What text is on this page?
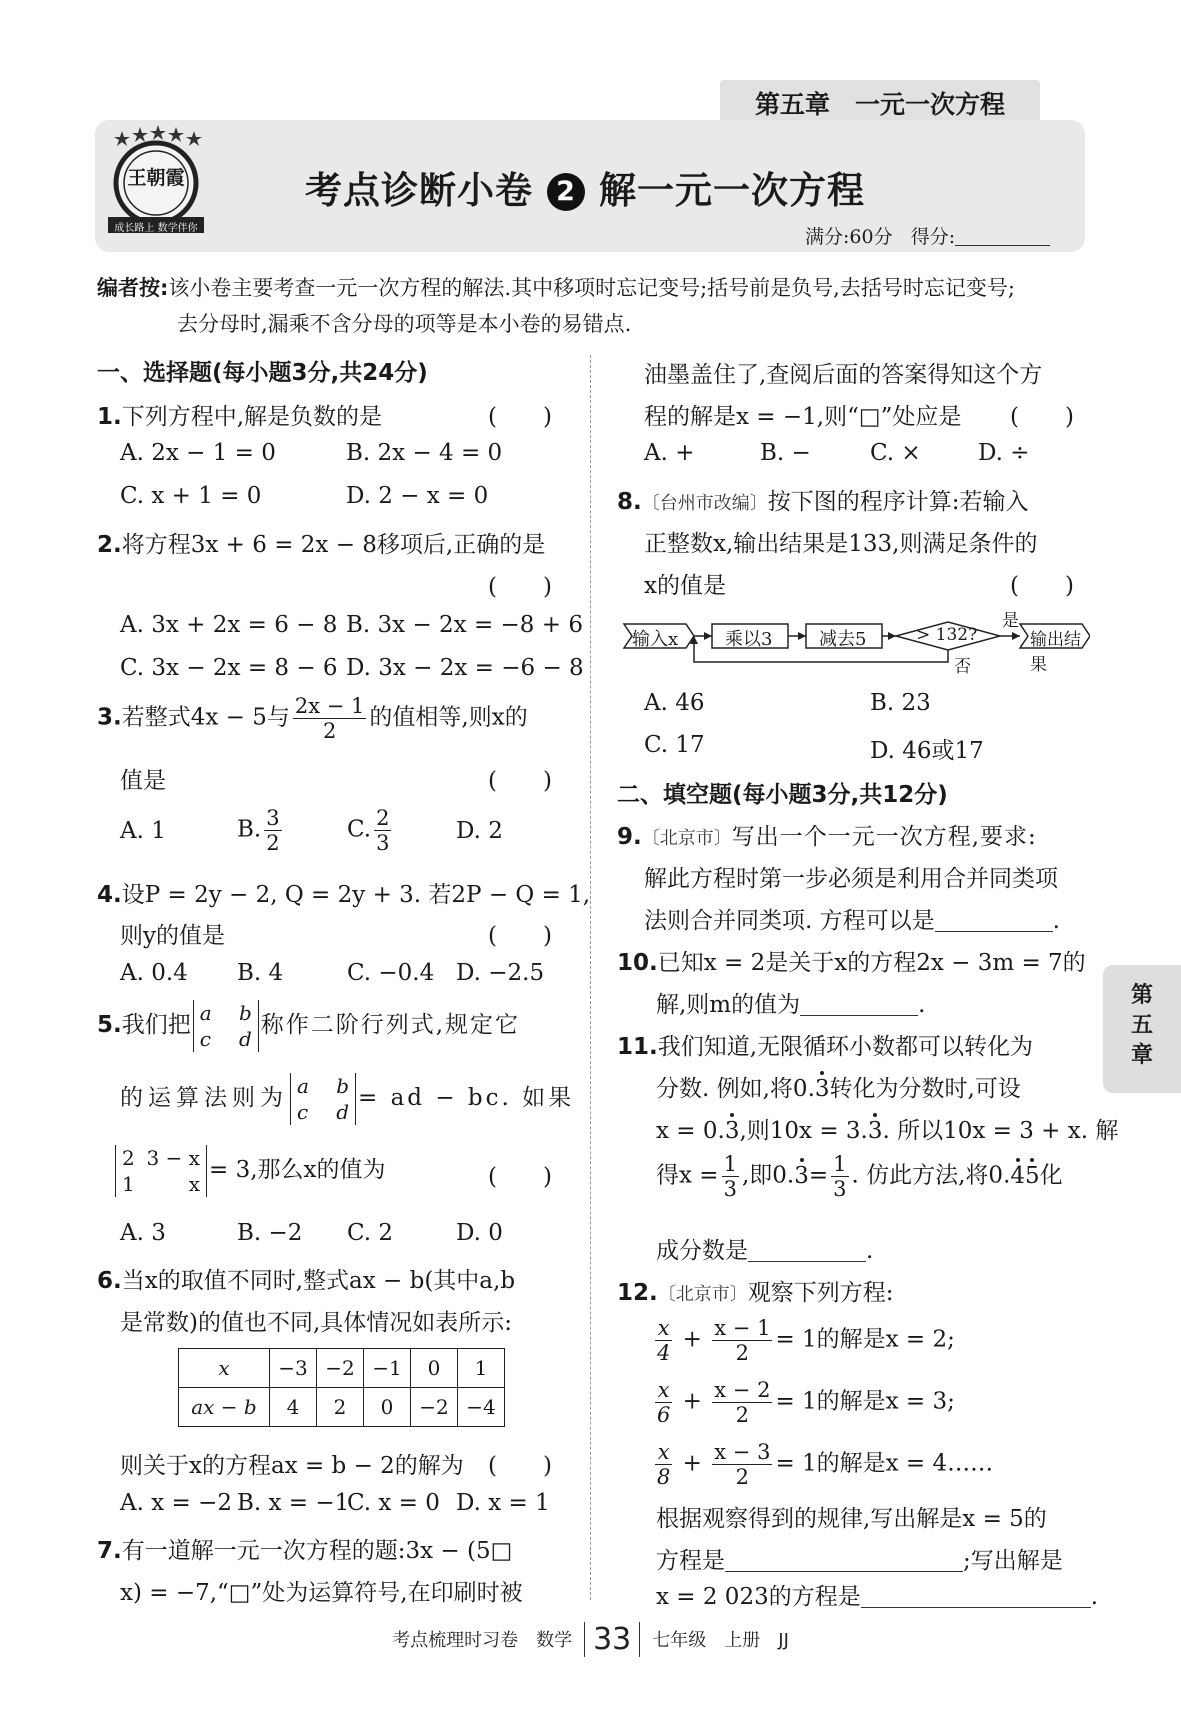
第五章　一元一次方程
王朝霞
成长路上 数学伴你
考点诊断小卷 2 解一元一次方程
满分:60分 得分:
编者按:该小卷主要考查一元一次方程的解法.其中移项时忘记变号;括号前是负号,去括号时忘记变号;
去分母时,漏乘不含分母的项等是本小卷的易错点.
一、选择题(每小题3分,共24分)
1.下列方程中,解是负数的是	(　　)
A. 2x − 1 = 0	B. 2x − 4 = 0
C. x + 1 = 0	D. 2 − x = 0
2.将方程3x + 6 = 2x − 8移项后,正确的是
(　　)
A. 3x + 2x = 6 − 8 B. 3x − 2x = −8 + 6
C. 3x − 2x = 8 − 6 D. 3x − 2x = −6 − 8
3.若整式4x − 5与 $\frac{2x - 1}{2}$ 的值相等,则x的
值是	(　　)
A. 1	B. $\frac{3}{2}$	C. $\frac{2}{3}$	D. 2
4.设P = 2y − 2, Q = 2y + 3. 若2P − Q = 1,
则y的值是	(　　)
A. 0.4 B. 4	C. −0.4 D. −2.5
5.我们把 a b
c d称作二阶行列式,规定它
的运算法则为 a b
c d= ad − bc. 如果
2 3 − x
1	x= 3,那么x的值为	(　　)
A. 3	B. −2 C. 2	D. 0
6.当x的取值不同时,整式ax − b(其中a,b
是常数)的值也不同,具体情况如表所示:
x	−3	−2	−1	0	1
ax − b	4	2	0	−2	−4
则关于x的方程ax = b − 2的解为 (　　)
A. x = −2 B. x = −1
C. x = 0 D. x = 1
7.有一道解一元一次方程的题:3x − (5□
x) = −7,“□”处为运算符号,在印刷时被
油墨盖住了,查阅后面的答案得知这个方
程的解是x = −1,则“□”处应是 (　　)
A. +	B. −	C. × D. ÷
8.〔台州市改编〕按下图的程序计算:若输入
正整数x,输出结果是133,则满足条件的
x的值是	(　　)
输入x	乘以3	减去5	> 132?
是
否
输出结果
A. 46	B. 23
C. 17	D. 46或17
二、填空题(每小题3分,共12分)
9.〔北京市〕写出一个一元一次方程,要求:
解此方程时第一步必须是利用合并同类项
法则合并同类项. 方程可以是	.
10.已知x = 2是关于x的方程2x − 3m = 7的
解,则m的值为	.
11.我们知道,无限循环小数都可以转化为
分数. 例如,将0.3转化为分数时,可设
x = 0.3,则10x = 3.3. 所以10x = 3 + x. 解
得$x = \frac{1}{3}$ ,即$0.3= \frac{1}{3}$ . 仿此方法,将0.45化
成分数是	.
12.〔北京市〕观察下列方程:
$\frac{x}{4} + \frac{x - 1}{2} = 1$的解是x = 2;
$\frac{x}{6} + \frac{x - 2}{2} = 1$的解是x = 3;
$\frac{x}{8} + \frac{x - 3}{2} = 1$的解是x = 4……
根据观察得到的规律,写出解是x = 5的
方程是	;写出解是
x = 2 023的方程是	.
第
五
章
考点梳理时习卷　数学 33 七年级　上册　JJ
